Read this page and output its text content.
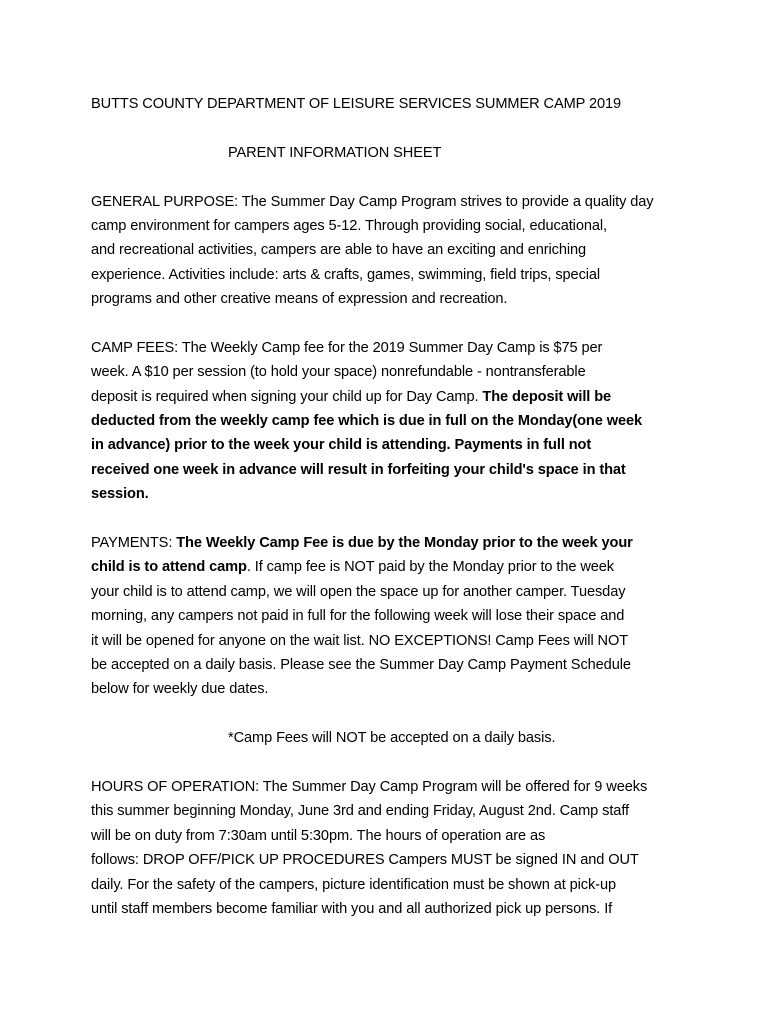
BUTTS COUNTY DEPARTMENT OF LEISURE SERVICES SUMMER CAMP 2019
PARENT INFORMATION SHEET
GENERAL PURPOSE: The Summer Day Camp Program strives to provide a quality day
camp environment for campers ages 5-12. Through providing social, educational,
and recreational activities, campers are able to have an exciting and enriching
experience. Activities include: arts & crafts, games, swimming, field trips, special
programs and other creative means of expression and recreation.
CAMP FEES: The Weekly Camp fee for the 2019 Summer Day Camp is $75 per
week. A $10 per session (to hold your space) nonrefundable - nontransferable
deposit is required when signing your child up for Day Camp. The deposit will be
deducted from the weekly camp fee which is due in full on the Monday(one week
in advance) prior to the week your child is attending. Payments in full not
received one week in advance will result in forfeiting your child's space in that
session.
PAYMENTS: The Weekly Camp Fee is due by the Monday prior to the week your
child is to attend camp. If camp fee is NOT paid by the Monday prior to the week
your child is to attend camp, we will open the space up for another camper. Tuesday
morning, any campers not paid in full for the following week will lose their space and
it will be opened for anyone on the wait list. NO EXCEPTIONS! Camp Fees will NOT
be accepted on a daily basis. Please see the Summer Day Camp Payment Schedule
below for weekly due dates.
*Camp Fees will NOT be accepted on a daily basis.
HOURS OF OPERATION: The Summer Day Camp Program will be offered for 9 weeks
this summer beginning Monday, June 3rd and ending Friday, August 2nd. Camp staff
will be on duty from 7:30am until 5:30pm. The hours of operation are as
follows: DROP OFF/PICK UP PROCEDURES Campers MUST be signed IN and OUT
daily. For the safety of the campers, picture identification must be shown at pick-up
until staff members become familiar with you and all authorized pick up persons. If
